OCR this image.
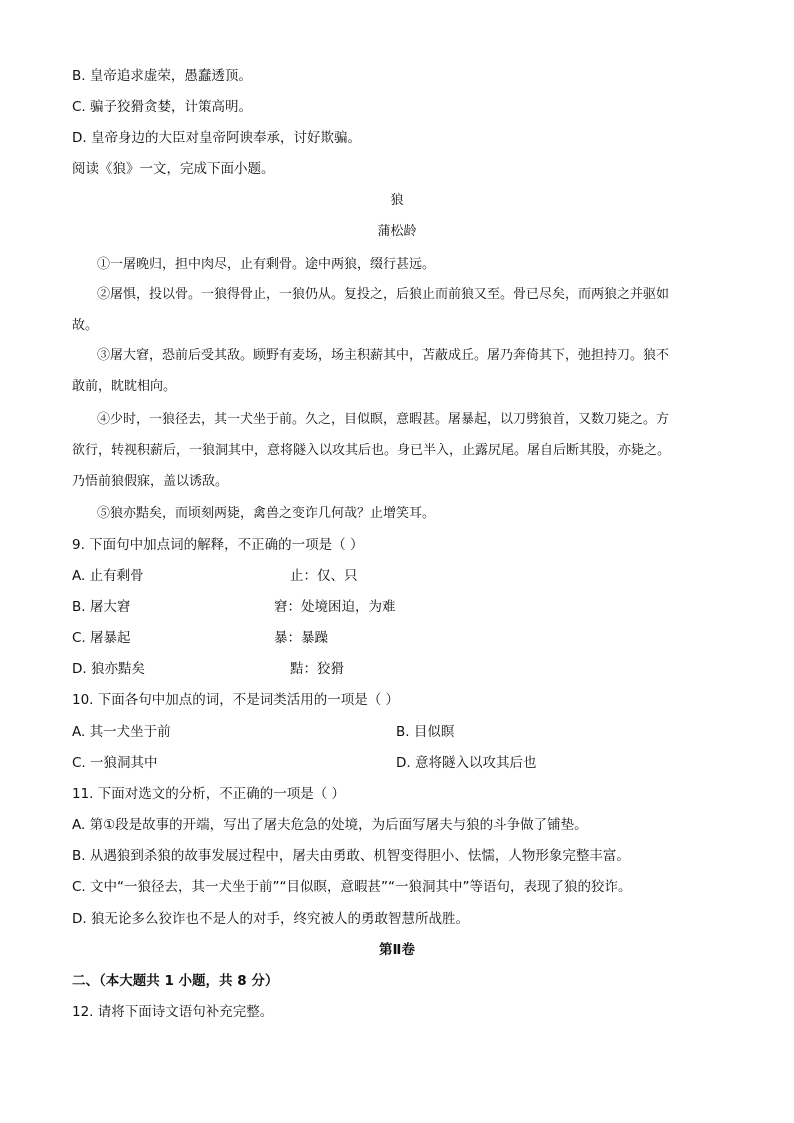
B. 皇帝追求虚荣，愚蠢透顶。
C. 骗子狡猾贪婪，计策高明。
D. 皇帝身边的大臣对皇帝阿谀奉承，讨好欺骗。
阅读《狼》一文，完成下面小题。
狼
蒲松龄
①一屠晚归，担中肉尽，止有剩骨。途中两狼，缀行甚远。
②屠惧，投以骨。一狼得骨止，一狼仍从。复投之，后狼止而前狼又至。骨已尽矣，而两狼之并驱如
故。
③屠大窘，恐前后受其敌。顾野有麦场，场主积薪其中，苫蔽成丘。屠乃奔倚其下，弛担持刀。狼不
敢前，眈眈相向。
④少时，一狼径去，其一犬坐于前。久之，目似瞑，意暇甚。屠暴起，以刀劈狼首，又数刀毙之。方
欲行，转视积薪后，一狼洞其中，意将隧入以攻其后也。身已半入，止露尻尾。屠自后断其股，亦毙之。
乃悟前狼假寐，盖以诱敌。
⑤狼亦黠矣，而顷刻两毙，禽兽之变诈几何哉？止增笑耳。
9. 下面句中加点词的解释，不正确的一项是（ ）
A. 止有剩骨	止：仅、只
B. 屠大窘	窘：处境困迫，为难
C. 屠暴起	暴：暴躁
D. 狼亦黠矣	黠：狡猾
10. 下面各句中加点的词，不是词类活用的一项是（ ）
A. 其一犬坐于前	B. 目似瞑
C. 一狼洞其中	D. 意将隧入以攻其后也
11. 下面对选文的分析，不正确的一项是（ ）
A. 第①段是故事的开端，写出了屠夫危急的处境，为后面写屠夫与狼的斗争做了铺垫。
B. 从遇狼到杀狼的故事发展过程中，屠夫由勇敢、机智变得胆小、怯懦，人物形象完整丰富。
C. 文中“一狼径去，其一犬坐于前”“目似瞑，意暇甚”“一狼洞其中”等语句，表现了狼的狡诈。
D. 狼无论多么狡诈也不是人的对手，终究被人的勇敢智慧所战胜。
第Ⅱ卷
二、（本大题共 1 小题，共 8 分）
12. 请将下面诗文语句补充完整。
